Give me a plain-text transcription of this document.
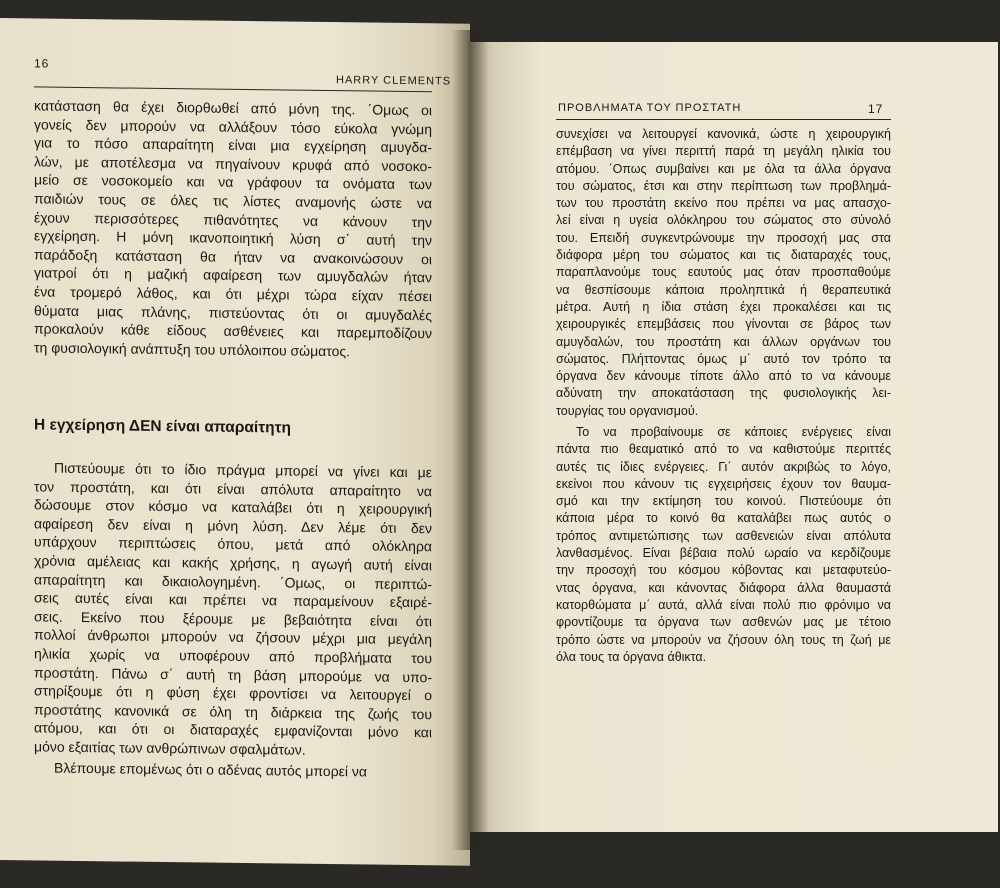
16
HARRY CLEMENTS
κατάσταση θα έχει διορθωθεί από μόνη της. ΄Ομως οι
γονείς δεν μπορούν να αλλάξουν τόσο εύκολα γνώμη
για το πόσο απαραίτητη είναι μια εγχείρηση αμυγδα-
λών, με αποτέλεσμα να πηγαίνουν κρυφά από νοσοκο-
μείο σε νοσοκομείο και να γράφουν τα ονόματα των
παιδιών τους σε όλες τις λίστες αναμονής ώστε να
έχουν περισσότερες πιθανότητες να κάνουν την
εγχείρηση. Η μόνη ικανοποιητική λύση σ΄ αυτή την
παράδοξη κατάσταση θα ήταν να ανακοινώσουν οι
γιατροί ότι η μαζική αφαίρεση των αμυγδαλών ήταν
ένα τρομερό λάθος, και ότι μέχρι τώρα είχαν πέσει
θύματα μιας πλάνης, πιστεύοντας ότι οι αμυγδαλές
προκαλούν κάθε είδους ασθένειες και παρεμποδίζουν
τη φυσιολογική ανάπτυξη του υπόλοιπου σώματος.
Η εγχείρηση ΔΕΝ είναι απαραίτητη
Πιστεύουμε ότι το ίδιο πράγμα μπορεί να γίνει και με
τον προστάτη, και ότι είναι απόλυτα απαραίτητο να
δώσουμε στον κόσμο να καταλάβει ότι η χειρουργική
αφαίρεση δεν είναι η μόνη λύση. Δεν λέμε ότι δεν
υπάρχουν περιπτώσεις όπου, μετά από ολόκληρα
χρόνια αμέλειας και κακής χρήσης, η αγωγή αυτή είναι
απαραίτητη και δικαιολογημένη. ΄Ομως, οι περιπτώ-
σεις αυτές είναι και πρέπει να παραμείνουν εξαιρέ-
σεις. Εκείνο που ξέρουμε με βεβαιότητα είναι ότι
πολλοί άνθρωποι μπορούν να ζήσουν μέχρι μια μεγάλη
ηλικία χωρίς να υποφέρουν από προβλήματα του
προστάτη. Πάνω σ΄ αυτή τη βάση μπορούμε να υπο-
στηρίξουμε ότι η φύση έχει φροντίσει να λειτουργεί ο
προστάτης κανονικά σε όλη τη διάρκεια της ζωής του
ατόμου, και ότι οι διαταραχές εμφανίζονται μόνο και
μόνο εξαιτίας των ανθρώπινων σφαλμάτων.
Βλέπουμε επομένως ότι ο αδένας αυτός μπορεί να
ΠΡΟΒΛΗΜΑΤΑ ΤΟΥ ΠΡΟΣΤΑΤΗ	17
συνεχίσει να λειτουργεί κανονικά, ώστε η χειρουργική
επέμβαση να γίνει περιττή παρά τη μεγάλη ηλικία του
ατόμου. ΄Οπως συμβαίνει και με όλα τα άλλα όργανα
του σώματος, έτσι και στην περίπτωση των προβλημά-
των του προστάτη εκείνο που πρέπει να μας απασχο-
λεί είναι η υγεία ολόκληρου του σώματος στο σύνολό
του. Επειδή συγκεντρώνουμε την προσοχή μας στα
διάφορα μέρη του σώματος και τις διαταραχές τους,
παραπλανούμε τους εαυτούς μας όταν προσπαθούμε
να θεσπίσουμε κάποια προληπτικά ή θεραπευτικά
μέτρα. Αυτή η ίδια στάση έχει προκαλέσει και τις
χειρουργικές επεμβάσεις που γίνονται σε βάρος των
αμυγδαλών, του προστάτη και άλλων οργάνων του
σώματος. Πλήττοντας όμως μ΄ αυτό τον τρόπο τα
όργανα δεν κάνουμε τίποτε άλλο από το να κάνουμε
αδύνατη την αποκατάσταση της φυσιολογικής λει-
τουργίας του οργανισμού.
Το να προβαίνουμε σε κάποιες ενέργειες είναι
πάντα πιο θεαματικό από το να καθιστούμε περιττές
αυτές τις ίδιες ενέργειες. Γι΄ αυτόν ακριβώς το λόγο,
εκείνοι που κάνουν τις εγχειρήσεις έχουν τον θαυμα-
σμό και την εκτίμηση του κοινού. Πιστεύουμε ότι
κάποια μέρα το κοινό θα καταλάβει πως αυτός ο
τρόπος αντιμετώπισης των ασθενειών είναι απόλυτα
λανθασμένος. Είναι βέβαια πολύ ωραίο να κερδίζουμε
την προσοχή του κόσμου κόβοντας και μεταφυτεύο-
ντας όργανα, και κάνοντας διάφορα άλλα θαυμαστά
κατορθώματα μ΄ αυτά, αλλά είναι πολύ πιο φρόνιμο να
φροντίζουμε τα όργανα των ασθενών μας με τέτοιο
τρόπο ώστε να μπορούν να ζήσουν όλη τους τη ζωή με
όλα τους τα όργανα άθικτα.
